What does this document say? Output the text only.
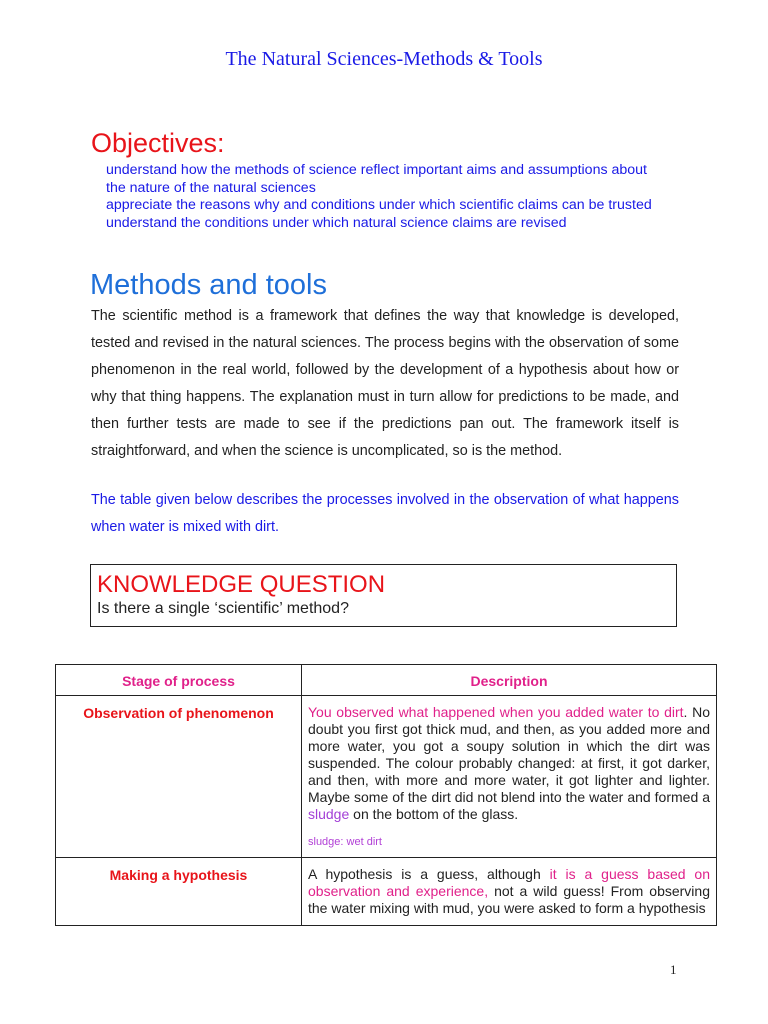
The Natural Sciences-Methods & Tools
Objectives:

understand how the methods of science reflect important aims and assumptions about the nature of the natural sciences

appreciate the reasons why and conditions under which scientific claims can be trusted

understand the conditions under which natural science claims are revised

Methods and tools
The scientific method is a framework that defines the way that knowledge is developed, tested and revised in the natural sciences. The process begins with the observation of some phenomenon in the real world, followed by the development of a hypothesis about how or why that thing happens. The explanation must in turn allow for predictions to be made, and then further tests are made to see if the predictions pan out. The framework itself is straightforward, and when the science is uncomplicated, so is the method.
The table given below describes the processes involved in the observation of what happens when water is mixed with dirt.
KNOWLEDGE QUESTION
Is there a single ‘scientific’ method?
Stage of process	Description
Observation of phenomenon	You observed what happened when you added water to dirt. No doubt you first got thick mud, and then, as you added more and more water, you got a soupy solution in which the dirt was suspended. The colour probably changed: at first, it got darker, and then, with more and more water, it got lighter and lighter. Maybe some of the dirt did not blend into the water and formed a sludge on the bottom of the glass.
sludge: wet dirt

Making a hypothesis	A hypothesis is a guess, although it is a guess based on observation and experience, not a wild guess! From observing the water mixing with mud, you were asked to form a hypothesis
1
